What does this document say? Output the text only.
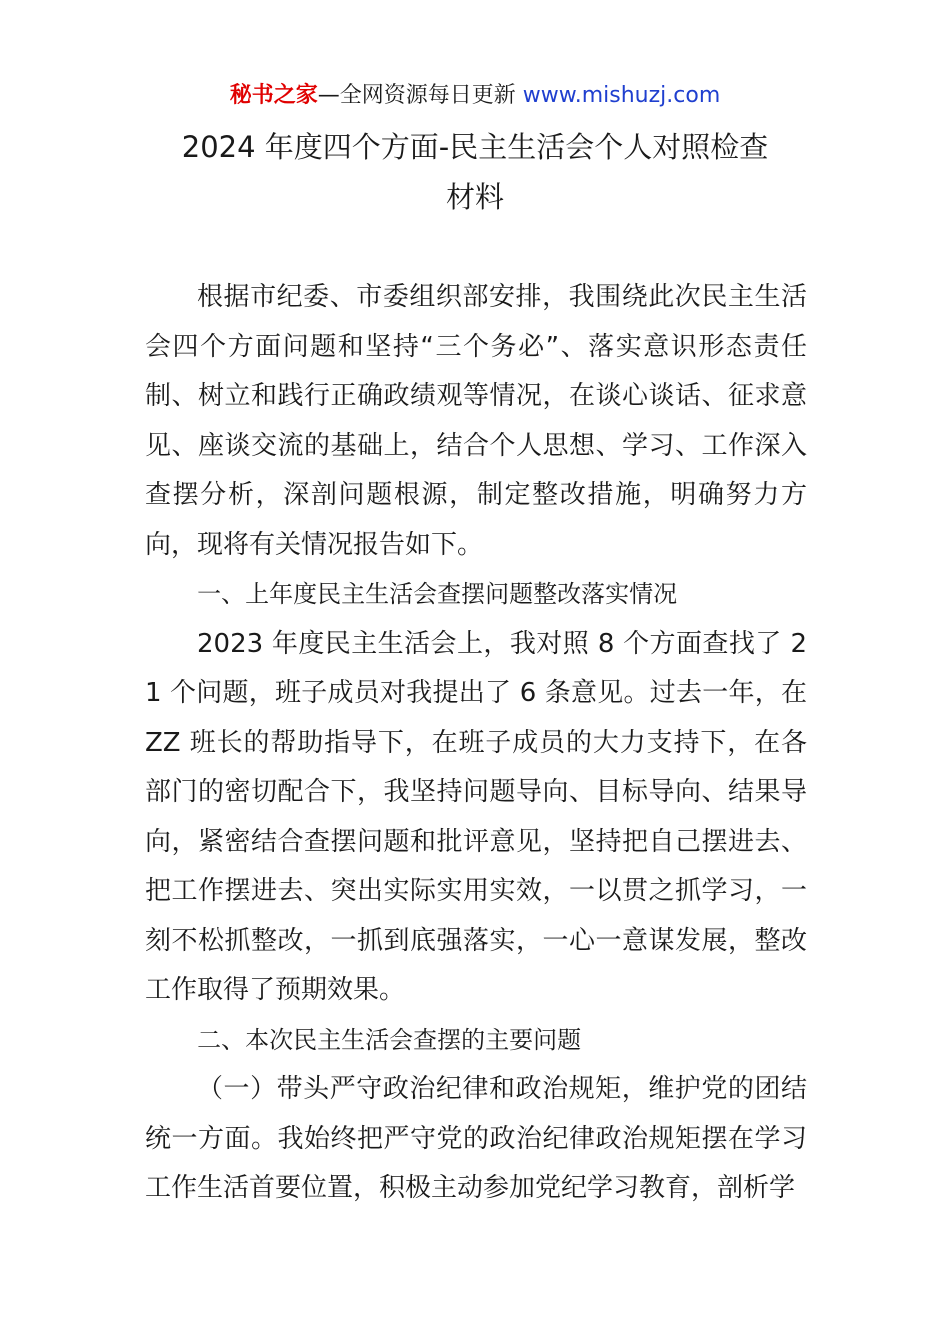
秘书之家—全网资源每日更新 www.mishuzj.com
2024 年度四个方面-民主生活会个人对照检查
材料

根据市纪委、市委组织部安排，我围绕此次民主生活会四个方面问题和坚持“三个务必”、落实意识形态责任制、树立和践行正确政绩观等情况，在谈心谈话、征求意见、座谈交流的基础上，结合个人思想、学习、工作深入查摆分析，深剖问题根源，制定整改措施，明确努力方向，现将有关情况报告如下。

一、上年度民主生活会查摆问题整改落实情况

2023 年度民主生活会上，我对照 8 个方面查找了 21 个问题，班子成员对我提出了 6 条意见。过去一年，在 ZZ 班长的帮助指导下，在班子成员的大力支持下，在各部门的密切配合下，我坚持问题导向、目标导向、结果导向，紧密结合查摆问题和批评意见，坚持把自己摆进去、把工作摆进去、突出实际实用实效，一以贯之抓学习，一刻不松抓整改，一抓到底强落实，一心一意谋发展，整改工作取得了预期效果。

二、本次民主生活会查摆的主要问题

（一）带头严守政治纪律和政治规矩，维护党的团结统一方面。我始终把严守党的政治纪律政治规矩摆在学习工作生活首要位置，积极主动参加党纪学习教育，剖析学
